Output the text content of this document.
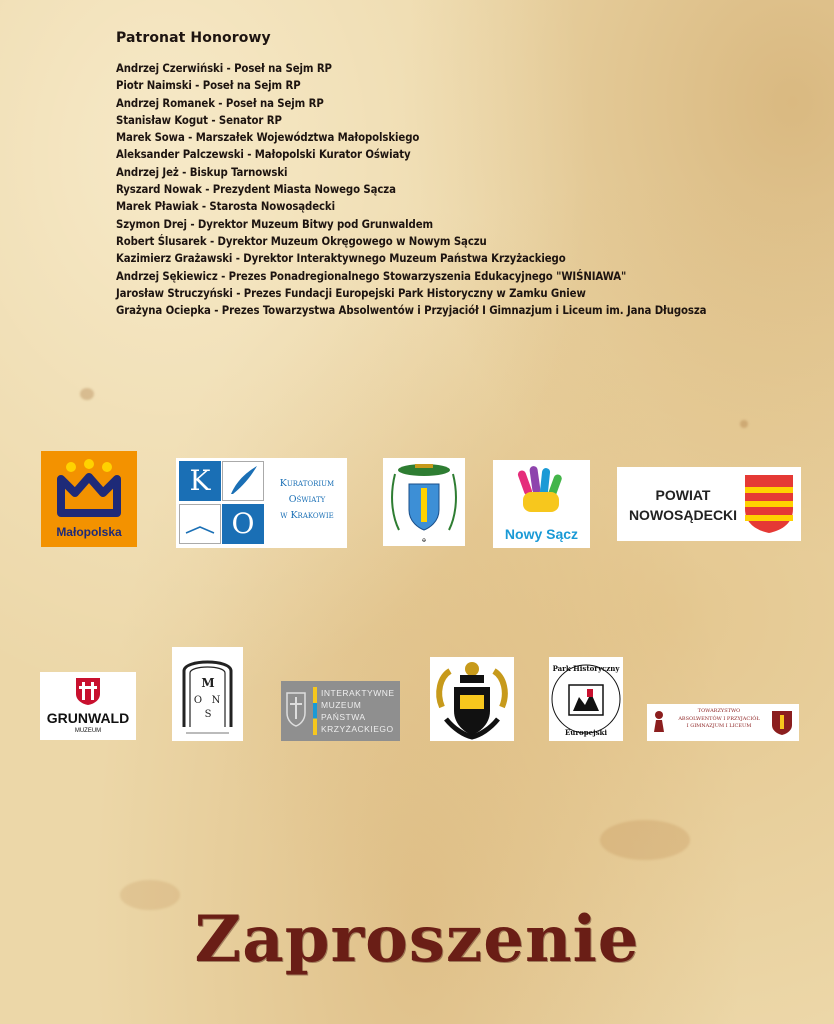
Patronat Honorowy
Andrzej Czerwiński - Poseł na Sejm RP
Piotr Naimski - Poseł na Sejm RP
Andrzej Romanek - Poseł na Sejm RP
Stanisław Kogut - Senator RP
Marek Sowa - Marszałek Województwa Małopolskiego
Aleksander Palczewski - Małopolski Kurator Oświaty
Andrzej Jeż - Biskup Tarnowski
Ryszard Nowak - Prezydent Miasta Nowego Sącza
Marek Pławiak - Starosta Nowosądecki
Szymon Drej - Dyrektor Muzeum Bitwy pod Grunwaldem
Robert Ślusarek - Dyrektor Muzeum Okręgowego w Nowym Sączu
Kazimierz Grażawski - Dyrektor Interaktywnego Muzeum Państwa Krzyżackiego
Andrzej Sękiewicz - Prezes Ponadregionalnego Stowarzyszenia Edukacyjnego "WIŚNIAWA"
Jarosław Struczyński - Prezes Fundacji Europejski Park Historyczny w Zamku Gniew
Grażyna Ociepka - Prezes Towarzystwa Absolwentów i Przyjaciół I Gimnazjum i Liceum im. Jana Długosza
Małopolska
K
O
Kuratorium
Oświaty
w Krakowie
✠	Nowy Sącz
POWIAT
NOWOSĄDECKI
GRUNWALD
MUZEUM
M
O N
S
INTERAKTYWNE
MUZEUM
PAŃSTWA
KRZYŻACKIEGO
Park Historyczny
Europejski
TOWARZYSTWO
ABSOLWENTÓW I PRZYJACIÓŁ
I GIMNAZJUM I LICEUM
Zaproszenie
